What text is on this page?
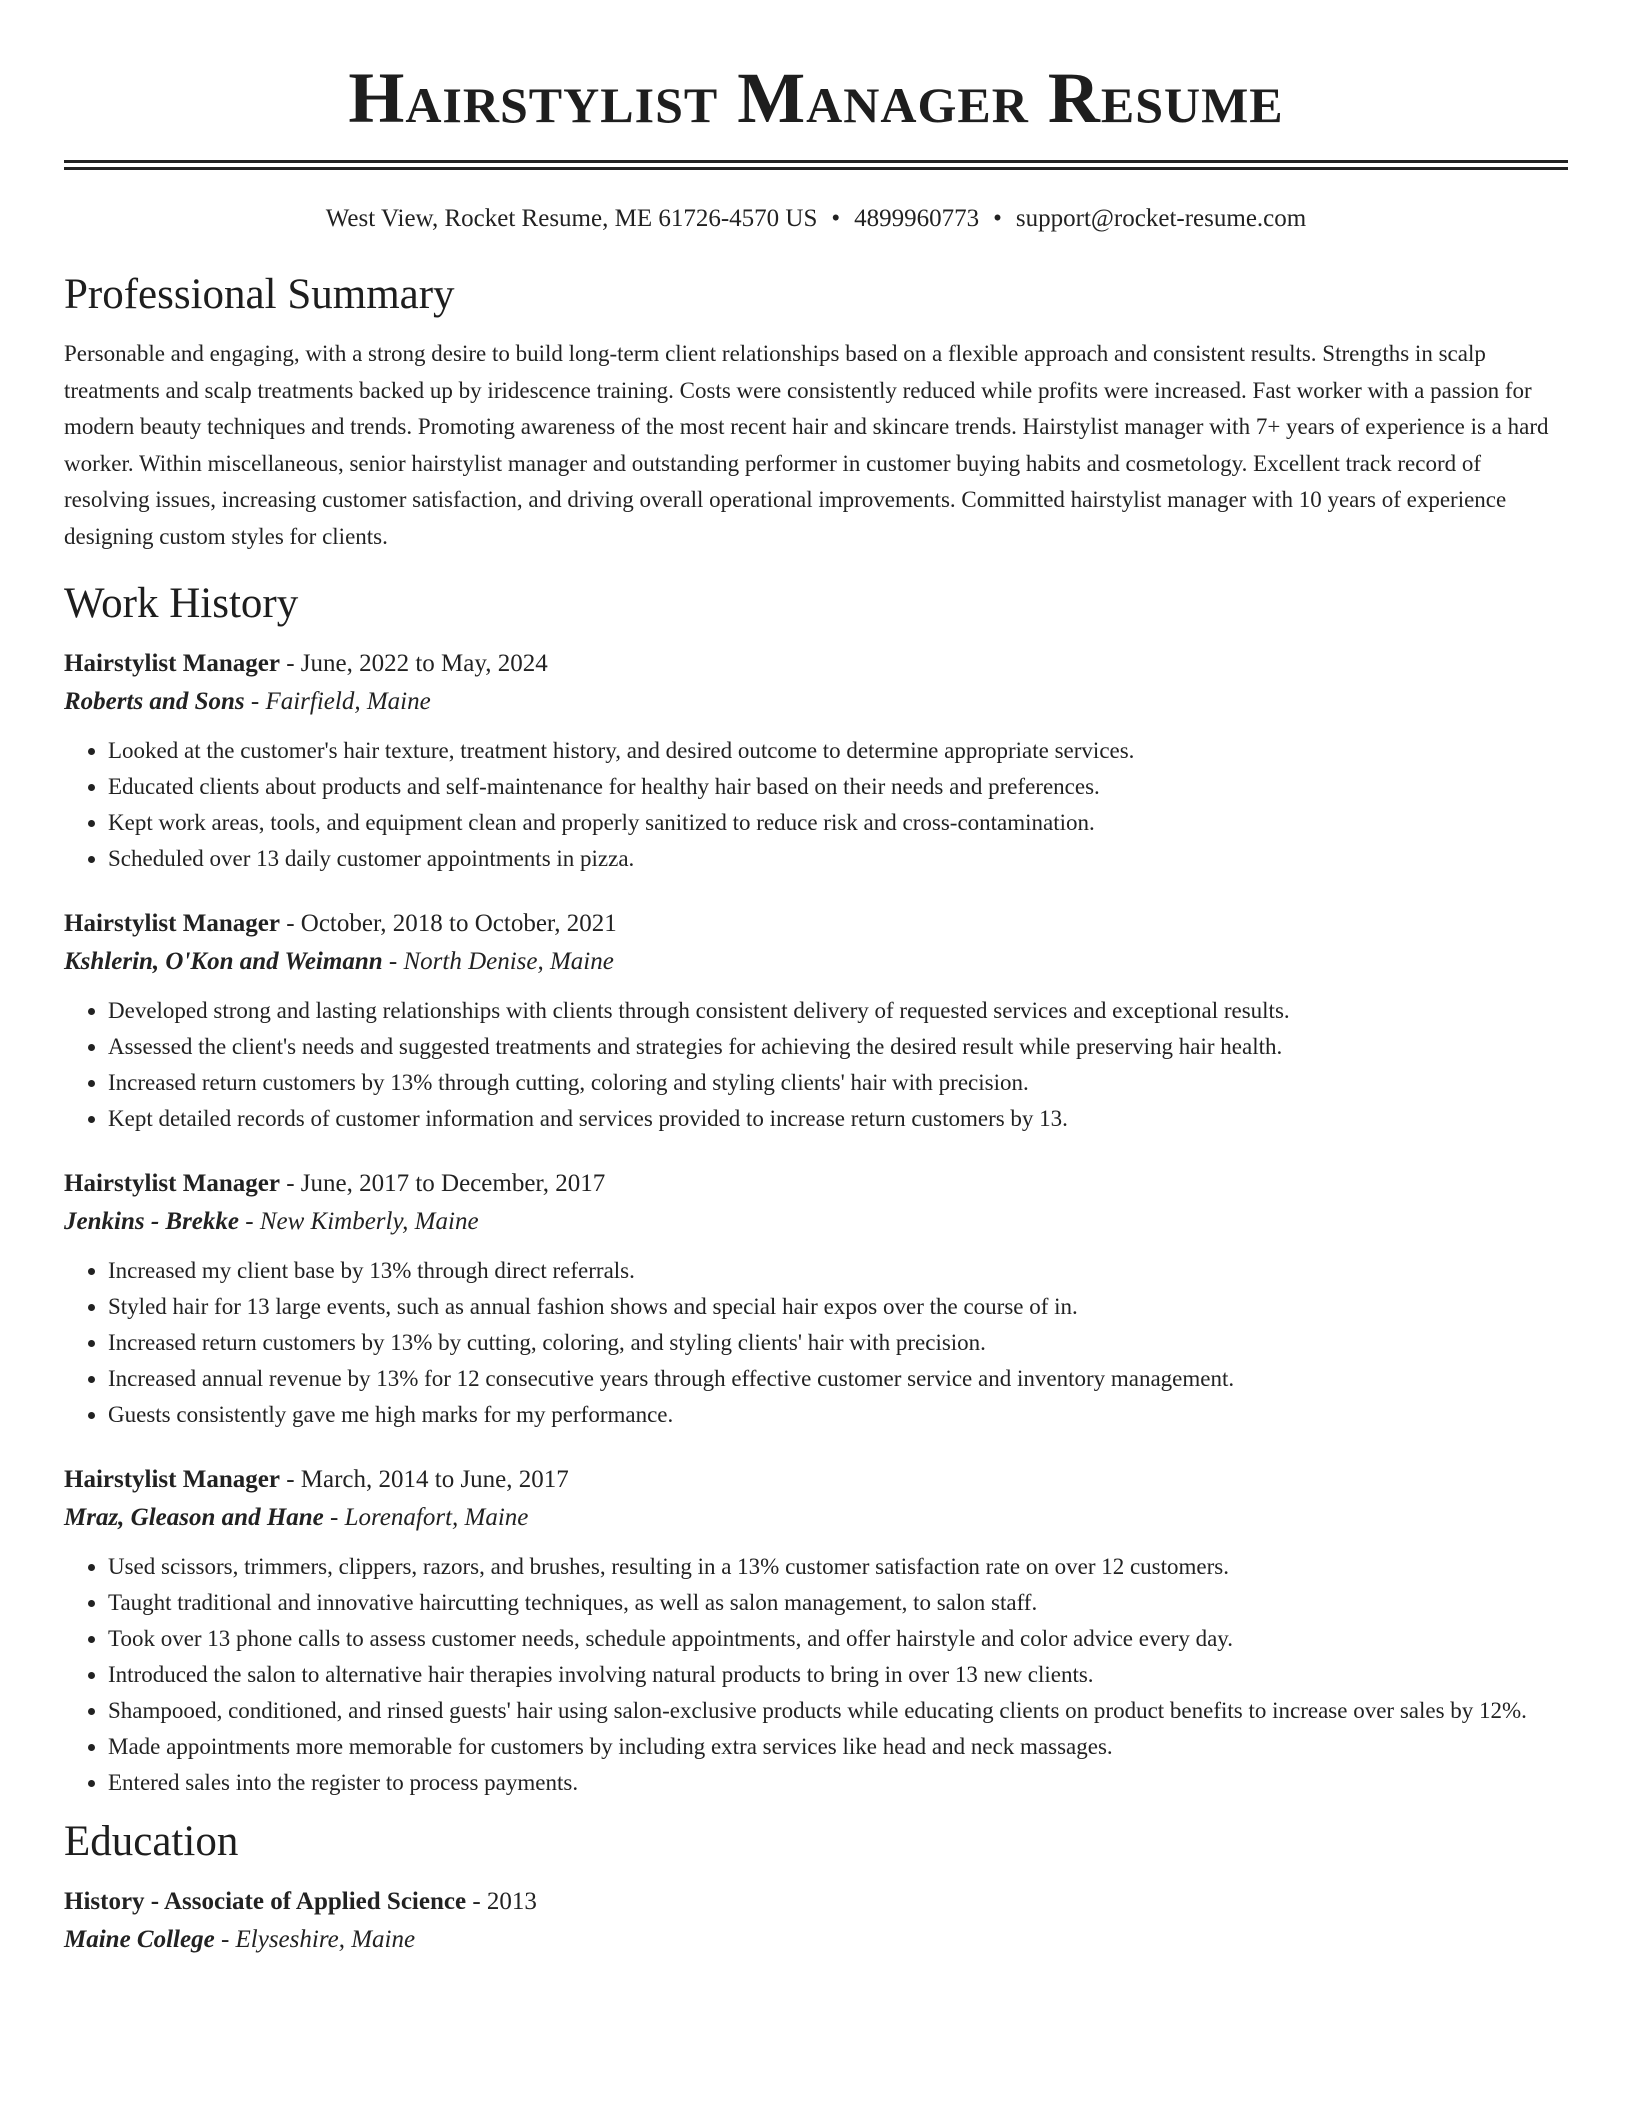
Hairstylist Manager Resume
West View, Rocket Resume, ME 61726-4570 US • 4899960773 • support@rocket-resume.com
Professional Summary

Personable and engaging, with a strong desire to build long-term client relationships based on a flexible approach and consistent results. Strengths in scalp treatments and scalp treatments backed up by iridescence training. Costs were consistently reduced while profits were increased. Fast worker with a passion for modern beauty techniques and trends. Promoting awareness of the most recent hair and skincare trends. Hairstylist manager with 7+ years of experience is a hard worker. Within miscellaneous, senior hairstylist manager and outstanding performer in customer buying habits and cosmetology. Excellent track record of resolving issues, increasing customer satisfaction, and driving overall operational improvements. Committed hairstylist manager with 10 years of experience designing custom styles for clients.

Work History
Hairstylist Manager - June, 2022 to May, 2024
Roberts and Sons - Fairfield, Maine
• Looked at the customer's hair texture, treatment history, and desired outcome to determine appropriate services.
• Educated clients about products and self-maintenance for healthy hair based on their needs and preferences.
• Kept work areas, tools, and equipment clean and properly sanitized to reduce risk and cross-contamination.
• Scheduled over 13 daily customer appointments in pizza.
Hairstylist Manager - October, 2018 to October, 2021
Kshlerin, O'Kon and Weimann - North Denise, Maine
• Developed strong and lasting relationships with clients through consistent delivery of requested services and exceptional results.
• Assessed the client's needs and suggested treatments and strategies for achieving the desired result while preserving hair health.
• Increased return customers by 13% through cutting, coloring and styling clients' hair with precision.
• Kept detailed records of customer information and services provided to increase return customers by 13.
Hairstylist Manager - June, 2017 to December, 2017
Jenkins - Brekke - New Kimberly, Maine
• Increased my client base by 13% through direct referrals.
• Styled hair for 13 large events, such as annual fashion shows and special hair expos over the course of in.
• Increased return customers by 13% by cutting, coloring, and styling clients' hair with precision.
• Increased annual revenue by 13% for 12 consecutive years through effective customer service and inventory management.
• Guests consistently gave me high marks for my performance.
Hairstylist Manager - March, 2014 to June, 2017
Mraz, Gleason and Hane - Lorenafort, Maine
• Used scissors, trimmers, clippers, razors, and brushes, resulting in a 13% customer satisfaction rate on over 12 customers.
• Taught traditional and innovative haircutting techniques, as well as salon management, to salon staff.
• Took over 13 phone calls to assess customer needs, schedule appointments, and offer hairstyle and color advice every day.
• Introduced the salon to alternative hair therapies involving natural products to bring in over 13 new clients.
• Shampooed, conditioned, and rinsed guests' hair using salon-exclusive products while educating clients on product benefits to increase over sales by 12%.
• Made appointments more memorable for customers by including extra services like head and neck massages.
• Entered sales into the register to process payments.
Education
History - Associate of Applied Science - 2013
Maine College - Elyseshire, Maine
